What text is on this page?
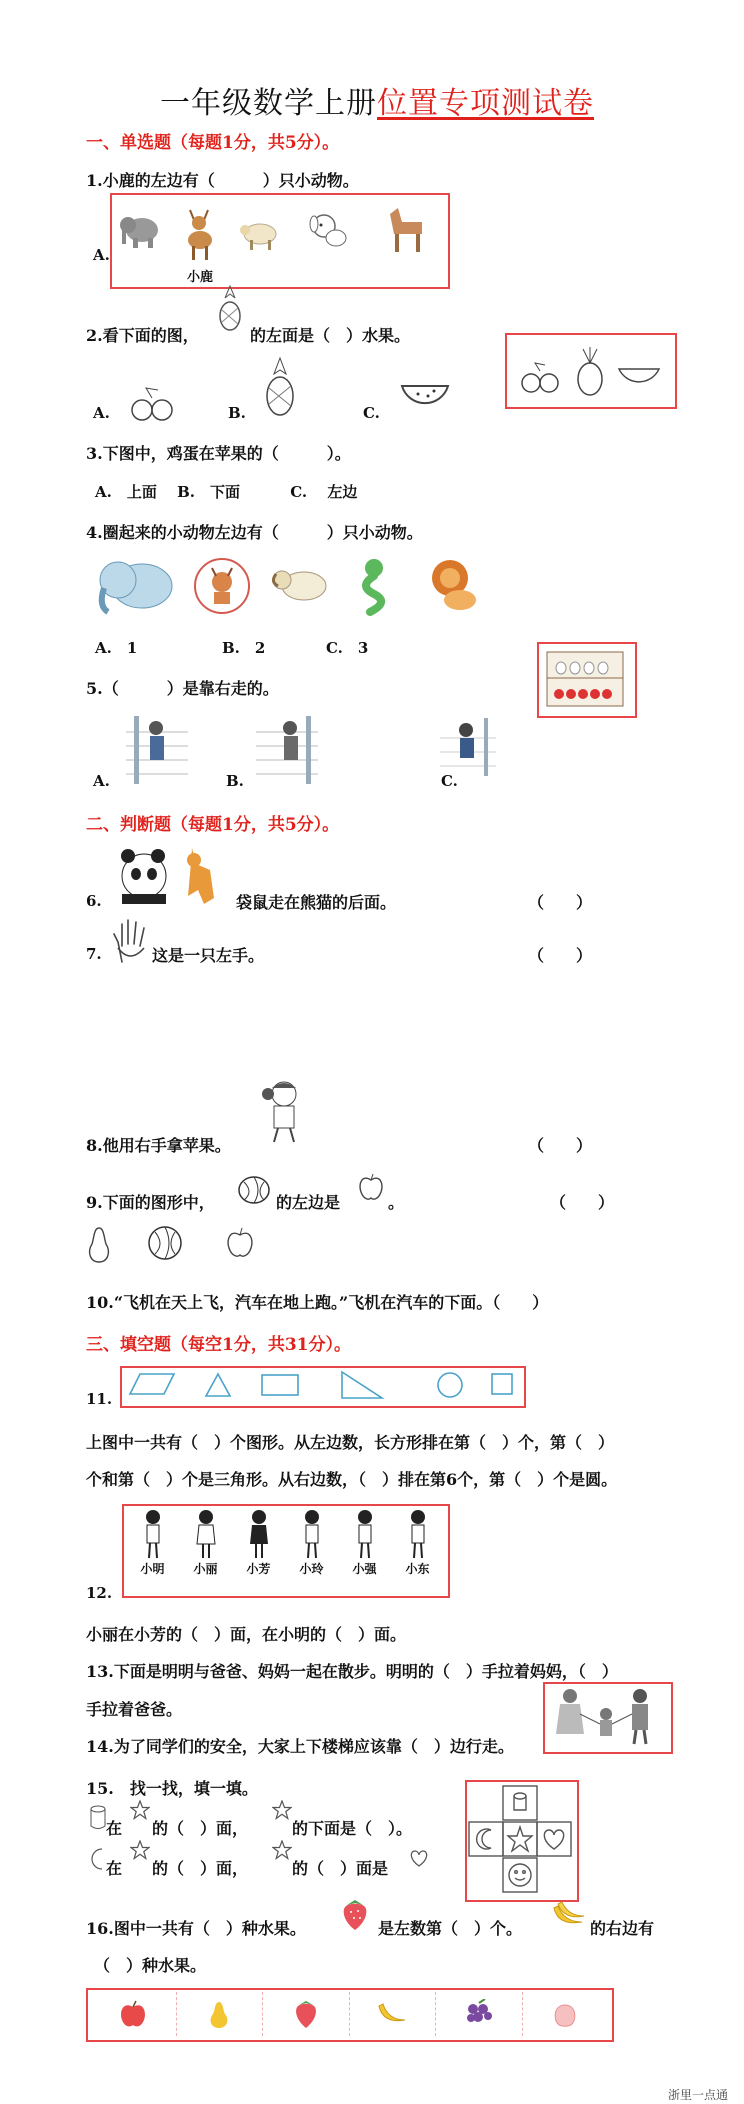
一年级数学上册位置专项测试卷
一、单选题（每题1分，共5分）。
1.小鹿的左边有（　　　）只小动物。
A.
小鹿
2.看下面的图，	的左面是（　）水果。
A.	B.	C.
3.下图中，鸡蛋在苹果的（　　　）。
A.　上面　 B.　下面　　　 C.　 左边
4.圈起来的小动物左边有（　　　）只小动物。
A.　1	B.　2	C.　3
5.（　　　）是靠右走的。
A.	B.	C.
二、判断题（每题1分，共5分）。
6.	袋鼠走在熊猫的后面。	（　　）
7.	这是一只左手。	（　　）
8.他用右手拿苹果。	（　　）
9.下面的图形中，	的左边是	。	（　　）
10.“飞机在天上飞，汽车在地上跑。”飞机在汽车的下面。（　　）
三、填空题（每空1分，共31分）。
11.
上图中一共有（　）个图形。从左边数，长方形排在第（　）个，第（　）
个和第（　）个是三角形。从右边数，（　）排在第6个，第（　）个是圆。
12.
小明 小丽 小芳 小玲 小强 小东
小丽在小芳的（　）面，在小明的（　）面。
13.下面是明明与爸爸、妈妈一起在散步。明明的（　）手拉着妈妈，（　）
手拉着爸爸。
14.为了同学们的安全，大家上下楼梯应该靠（　）边行走。
15.　找一找，填一填。
在 的（　）面，	的下面是（　）。
在 的（　）面，	的（　）面是
16.图中一共有（　）种水果。	是左数第（　）个。	的右边有
（　）种水果。
浙里一点通
